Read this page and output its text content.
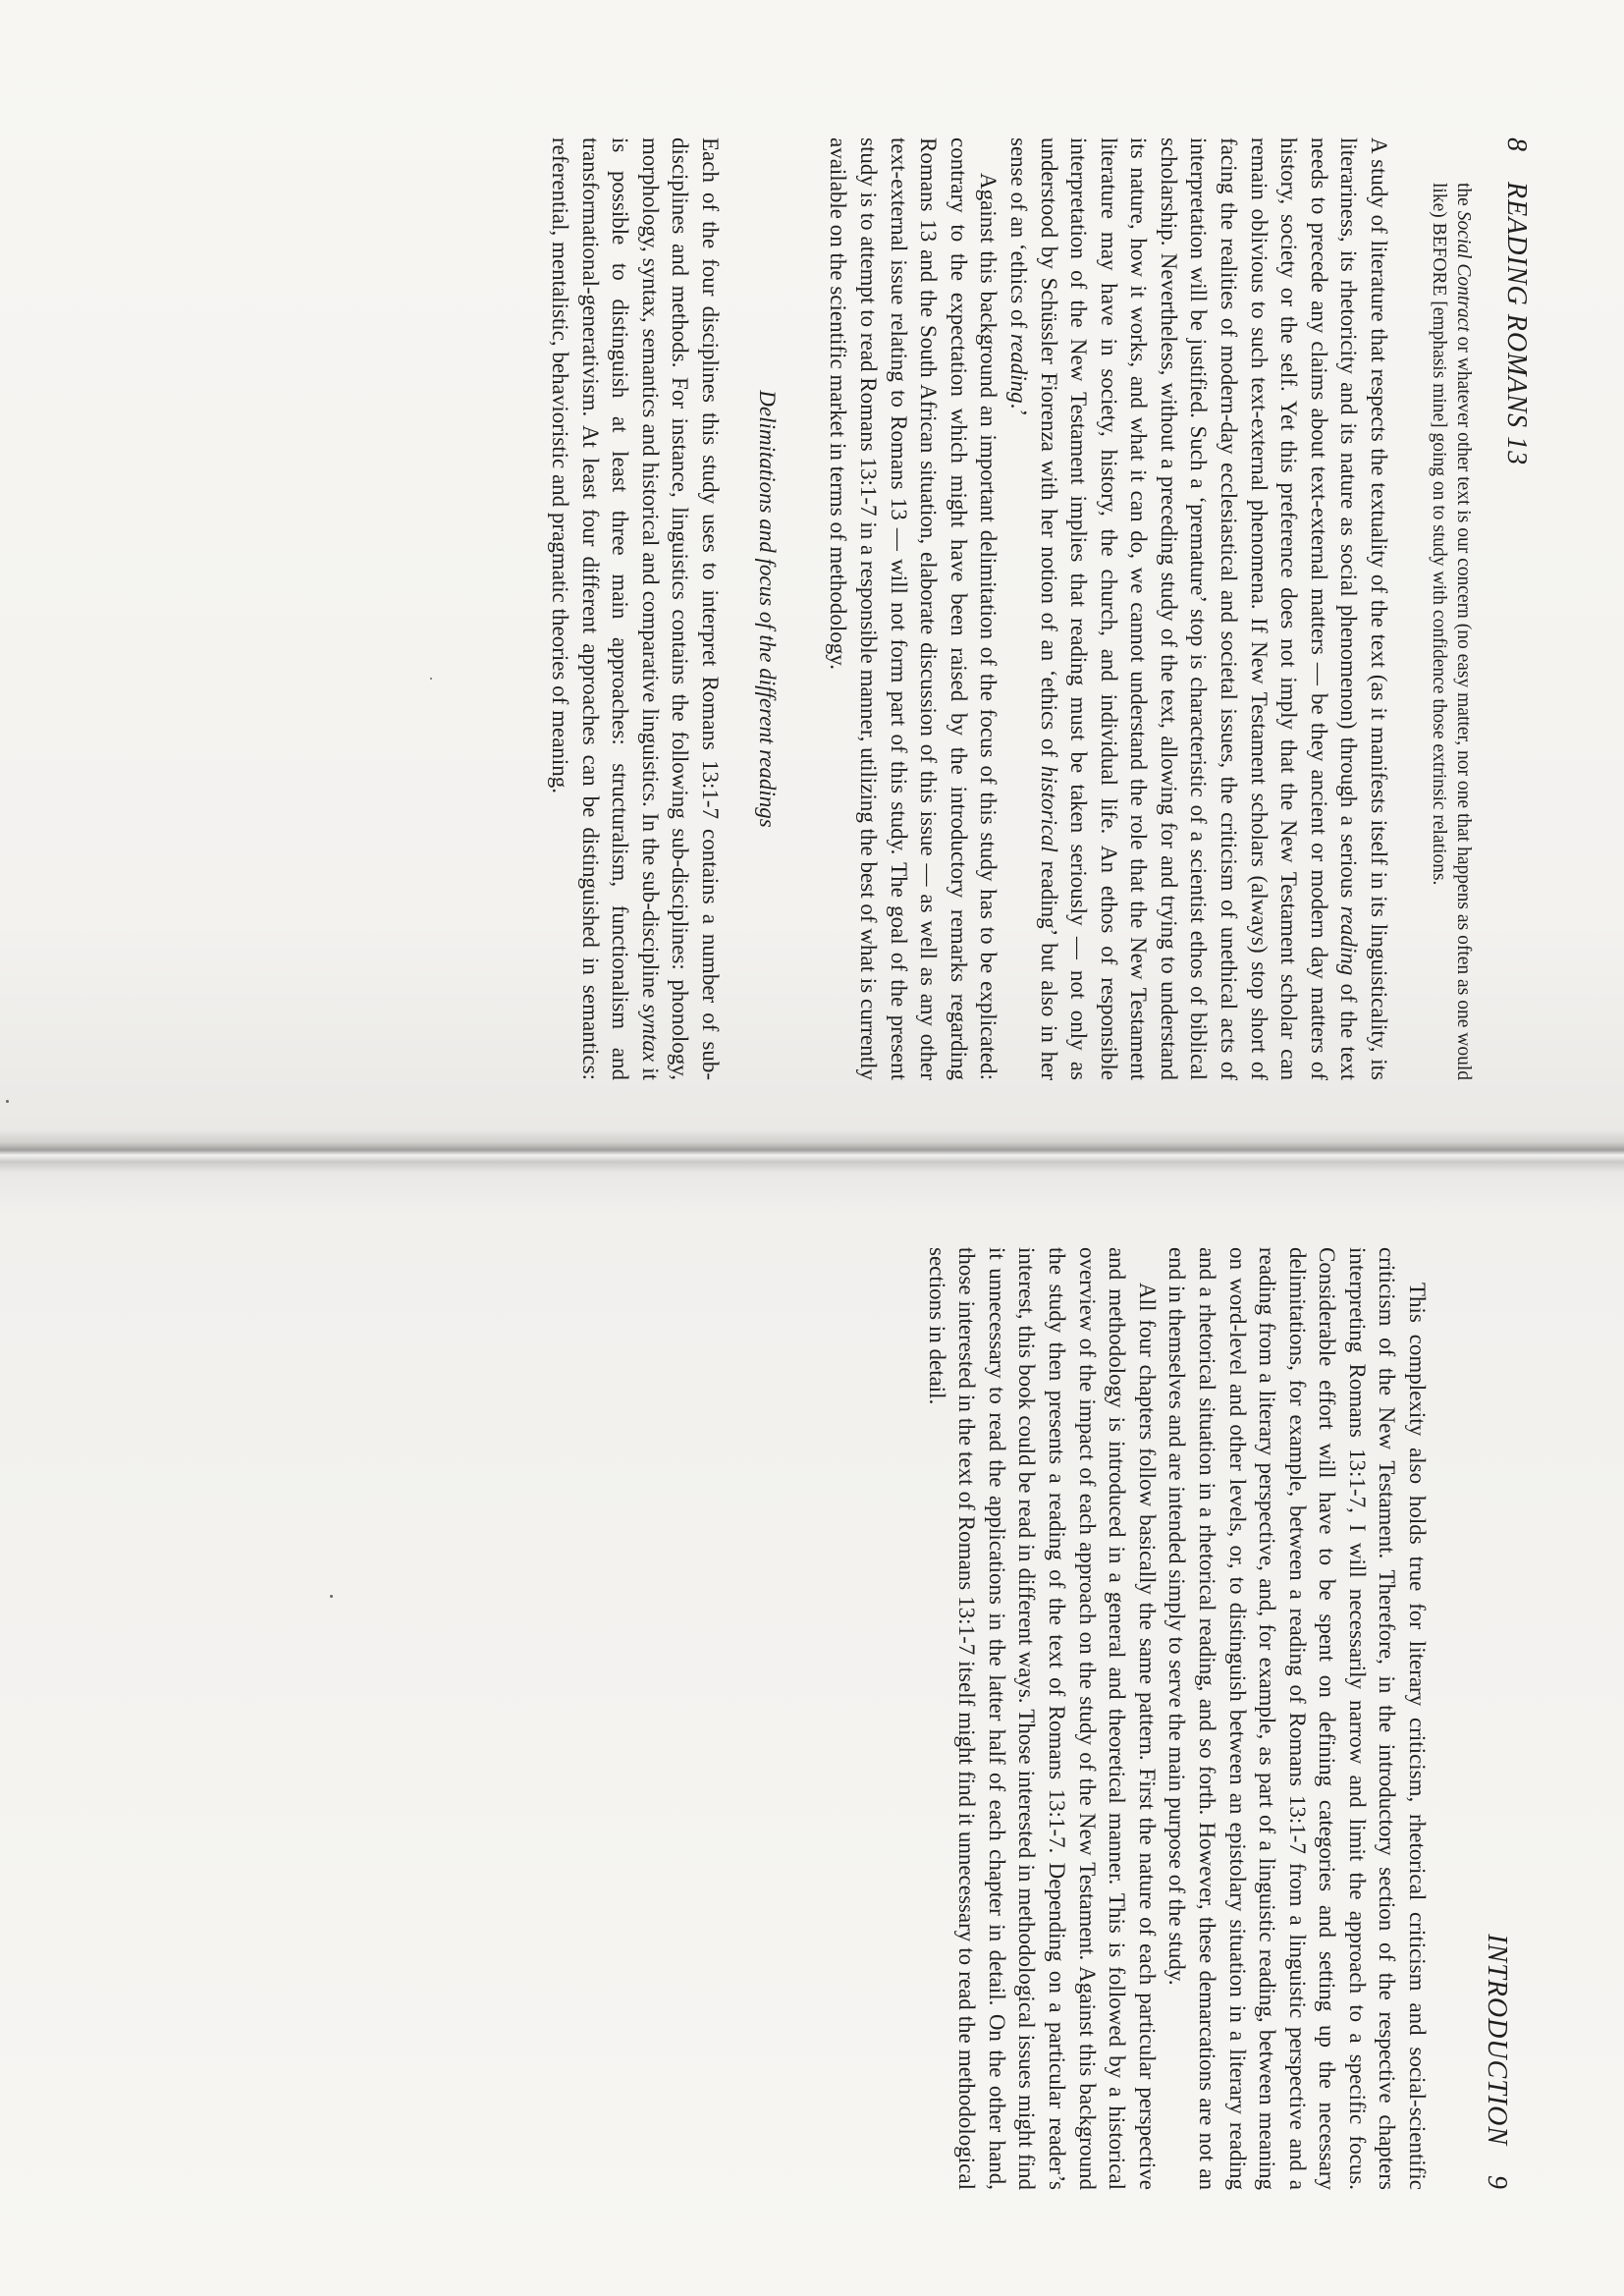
8
READING ROMANS 13
the Social Contract or whatever other text is our concern (no easy matter, nor one that happens as often as one would like) BEFORE [emphasis mine] going on to study with confidence those extrinsic relations.

A study of literature that respects the textuality of the text (as it manifests itself in its linguisticality, its literariness, its rhetoricity and its nature as social phenomenon) through a serious reading of the text needs to precede any claims about text-external matters — be they ancient or modern day matters of history, society or the self. Yet this preference does not imply that the New Testament scholar can remain oblivious to such text-external phenomena. If New Testament scholars (always) stop short of facing the realities of modern-day ecclesiastical and societal issues, the criticism of unethical acts of interpretation will be justified. Such a ‘premature’ stop is characteristic of a scientist ethos of biblical scholarship. Nevertheless, without a preceding study of the text, allowing for and trying to understand its nature, how it works, and what it can do, we cannot understand the role that the New Testament literature may have in society, history, the church, and individual life. An ethos of responsible interpretation of the New Testament implies that reading must be taken seriously — not only as understood by Schüssler Fiorenza with her notion of an ‘ethics of historical reading’ but also in her sense of an ‘ethics of reading.’

Against this background an important delimitation of the focus of this study has to be explicated: contrary to the expectation which might have been raised by the introductory remarks regarding Romans 13 and the South African situation, elaborate discussion of this issue — as well as any other text-external issue relating to Romans 13 — will not form part of this study. The goal of the present study is to attempt to read Romans 13:1-7 in a responsible manner, utilizing the best of what is currently available on the scientific market in terms of methodology.

Delimitations and focus of the different readings

Each of the four disciplines this study uses to interpret Romans 13:1-7 contains a number of sub-disciplines and methods. For instance, linguistics contains the following sub-disciplines: phonology, morphology, syntax, semantics and historical and comparative linguistics. In the sub-discipline syntax it is possible to distinguish at least three main approaches: structuralism, functionalism and transformational-generativism. At least four different approaches can be distinguished in semantics: referential, mentalistic, behavioristic and pragmatic theories of meaning.

INTRODUCTION
9

This complexity also holds true for literary criticism, rhetorical criticism and social-scientific criticism of the New Testament. Therefore, in the introductory section of the respective chapters interpreting Romans 13:1-7, I will necessarily narrow and limit the approach to a specific focus. Considerable effort will have to be spent on defining categories and setting up the necessary delimitations, for example, between a reading of Romans 13:1-7 from a linguistic perspective and a reading from a literary perspective, and, for example, as part of a linguistic reading, between meaning on word-level and other levels, or, to distinguish between an epistolary situation in a literary reading and a rhetorical situation in a rhetorical reading, and so forth. However, these demarcations are not an end in themselves and are intended simply to serve the main purpose of the study.

All four chapters follow basically the same pattern. First the nature of each particular perspective and methodology is introduced in a general and theoretical manner. This is followed by a historical overview of the impact of each approach on the study of the New Testament. Against this background the study then presents a reading of the text of Romans 13:1-7. Depending on a particular reader’s interest, this book could be read in different ways. Those interested in methodological issues might find it unnecessary to read the applications in the latter half of each chapter in detail. On the other hand, those interested in the text of Romans 13:1-7 itself might find it unnecessary to read the methodological sections in detail.
